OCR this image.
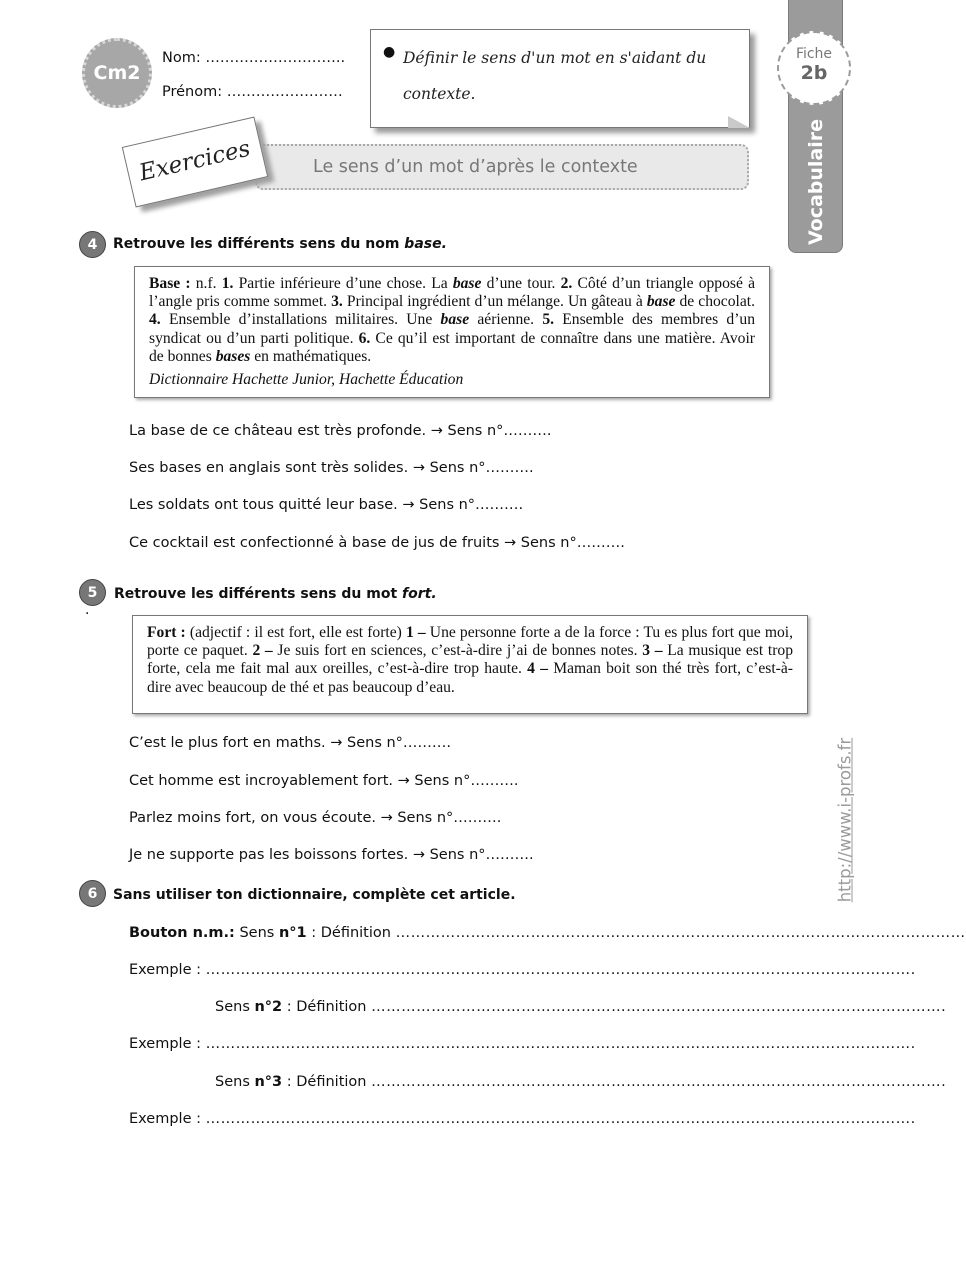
Cm2
Nom: ………………………..
Prénom: ……………………
● Définir le sens d'un mot en s'aidant du contexte.
Vocabulaire
Fiche
2b
Le sens d’un mot d’après le contexte
Exercices
4 Retrouve les différents sens du nom base.
Base : n.f. 1. Partie inférieure d’une chose. La base d’une tour. 2. Côté d’un triangle opposé à l’angle pris comme sommet. 3. Principal ingrédient d’un mélange. Un gâteau à base de chocolat. 4. Ensemble d’installations militaires. Une base aérienne. 5. Ensemble des membres d’un syndicat ou d’un parti politique. 6. Ce qu’il est important de connaître dans une matière. Avoir de bonnes bases en mathématiques.
Dictionnaire Hachette Junior, Hachette Éducation
La base de ce château est très profonde. → Sens n°……….
Ses bases en anglais sont très solides. → Sens n°……….
Les soldats ont tous quitté leur base. → Sens n°……….
Ce cocktail est confectionné à base de jus de fruits → Sens n°……….
5 Retrouve les différents sens du mot fort.
·
Fort : (adjectif : il est fort, elle est forte) 1 – Une personne forte a de la force : Tu es plus fort que moi, porte ce paquet. 2 – Je suis fort en sciences, c’est-à-dire j’ai de bonnes notes. 3 – La musique est trop forte, cela me fait mal aux oreilles, c’est-à-dire trop haute. 4 – Maman boit son thé très fort, c’est-à-dire avec beaucoup de thé et pas beaucoup d’eau.
C’est le plus fort en maths. → Sens n°……….
Cet homme est incroyablement fort. → Sens n°……….
Parlez moins fort, on vous écoute. → Sens n°……….
Je ne supporte pas les boissons fortes. → Sens n°……….
6 Sans utiliser ton dictionnaire, complète cet article.
Bouton n.m.: Sens n°1 : Définition ……………………………………………………………………………………………………
Exemple : …………………………………………………………………………………………………………………………….
Sens n°2 : Définition …………………………………………………………………………………………………….
Exemple : …………………………………………………………………………………………………………………………….
Sens n°3 : Définition …………………………………………………………………………………………………….
Exemple : …………………………………………………………………………………………………………………………….
http://www.i-profs.fr
